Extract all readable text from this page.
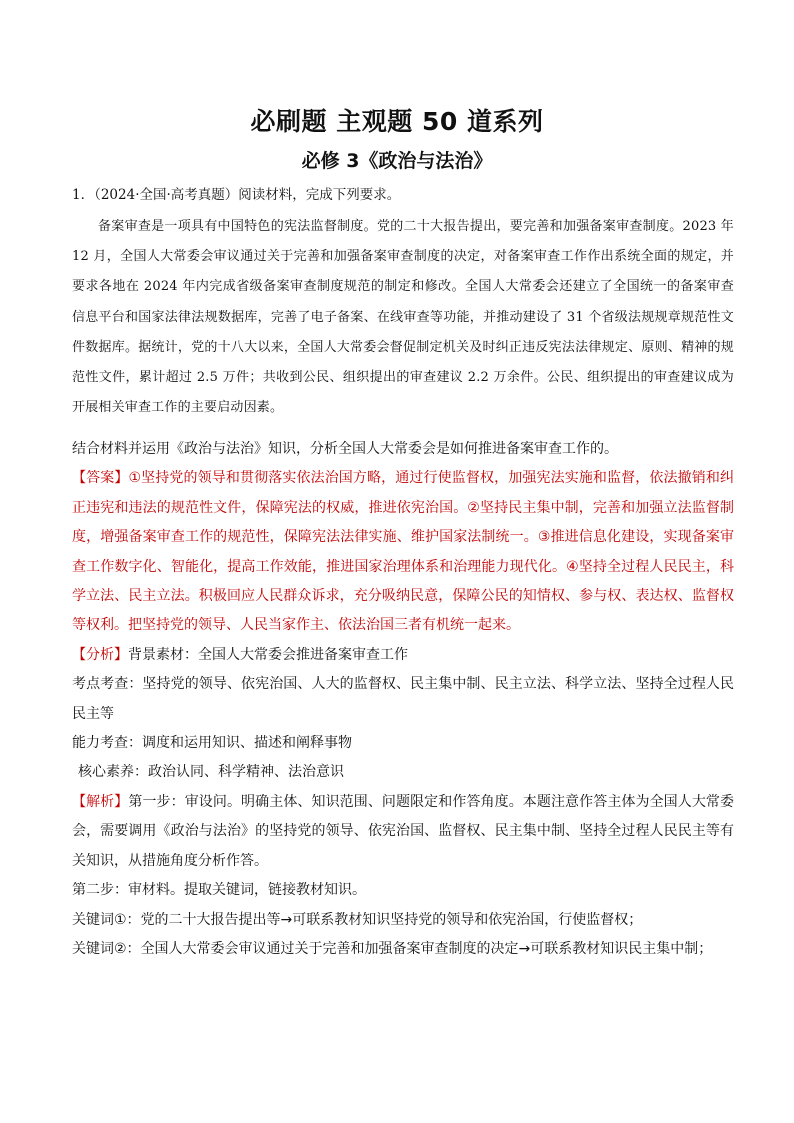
必刷题 主观题 50 道系列
必修 3《政治与法治》
1．（2024·全国·高考真题）阅读材料，完成下列要求。
备案审查是一项具有中国特色的宪法监督制度。党的二十大报告提出，要完善和加强备案审查制度。2023 年 12 月，全国人大常委会审议通过关于完善和加强备案审查制度的决定，对备案审查工作作出系统全面的规定，并要求各地在 2024 年内完成省级备案审查制度规范的制定和修改。全国人大常委会还建立了全国统一的备案审查信息平台和国家法律法规数据库，完善了电子备案、在线审查等功能，并推动建设了 31 个省级法规规章规范性文件数据库。据统计，党的十八大以来，全国人大常委会督促制定机关及时纠正违反宪法法律规定、原则、精神的规范性文件，累计超过 2.5 万件；共收到公民、组织提出的审查建议 2.2 万余件。公民、组织提出的审查建议成为开展相关审查工作的主要启动因素。

结合材料并运用《政治与法治》知识，分析全国人大常委会是如何推进备案审查工作的。

【答案】①坚持党的领导和贯彻落实依法治国方略，通过行使监督权，加强宪法实施和监督，依法撤销和纠正违宪和违法的规范性文件，保障宪法的权威，推进依宪治国。②坚持民主集中制，完善和加强立法监督制度，增强备案审查工作的规范性，保障宪法法律实施、维护国家法制统一。③推进信息化建设，实现备案审查工作数字化、智能化，提高工作效能，推进国家治理体系和治理能力现代化。④坚持全过程人民民主，科学立法、民主立法。积极回应人民群众诉求，充分吸纳民意，保障公民的知情权、参与权、表达权、监督权等权利。把坚持党的领导、人民当家作主、依法治国三者有机统一起来。

【分析】背景素材：全国人大常委会推进备案审查工作

考点考查：坚持党的领导、依宪治国、人大的监督权、民主集中制、民主立法、科学立法、坚持全过程人民民主等

能力考查：调度和运用知识、描述和阐释事物

核心素养：政治认同、科学精神、法治意识

【解析】第一步：审设问。明确主体、知识范围、问题限定和作答角度。本题注意作答主体为全国人大常委会，需要调用《政治与法治》的坚持党的领导、依宪治国、监督权、民主集中制、坚持全过程人民民主等有关知识，从措施角度分析作答。

第二步：审材料。提取关键词，链接教材知识。

关键词①：党的二十大报告提出等→可联系教材知识坚持党的领导和依宪治国，行使监督权；

关键词②：全国人大常委会审议通过关于完善和加强备案审查制度的决定→可联系教材知识民主集中制；
